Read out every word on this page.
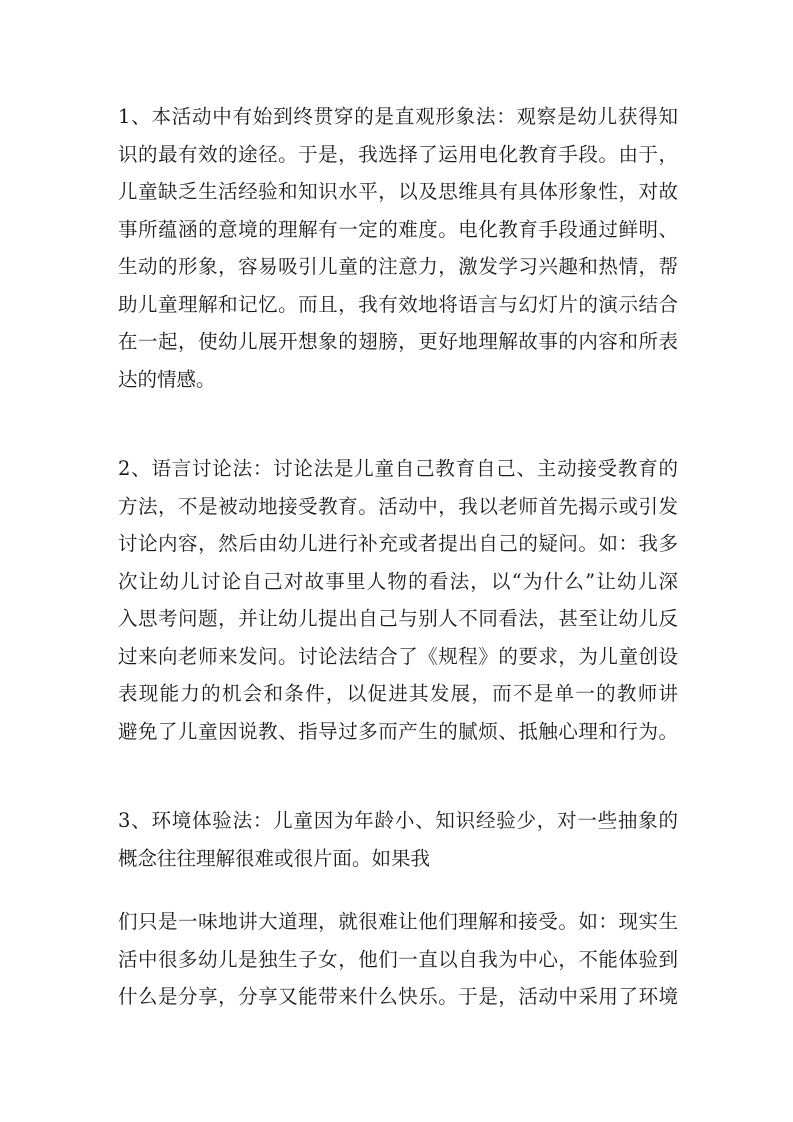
1、本活动中有始到终贯穿的是直观形象法：观察是幼儿获得知
识的最有效的途径。于是，我选择了运用电化教育手段。由于，
儿童缺乏生活经验和知识水平，以及思维具有具体形象性，对故
事所蕴涵的意境的理解有一定的难度。电化教育手段通过鲜明、
生动的形象，容易吸引儿童的注意力，激发学习兴趣和热情，帮
助儿童理解和记忆。而且，我有效地将语言与幻灯片的演示结合
在一起，使幼儿展开想象的翅膀，更好地理解故事的内容和所表
达的情感。
2、语言讨论法：讨论法是儿童自己教育自己、主动接受教育的
方法，不是被动地接受教育。活动中，我以老师首先揭示或引发
讨论内容，然后由幼儿进行补充或者提出自己的疑问。如：我多
次让幼儿讨论自己对故事里人物的看法，以“为什么”让幼儿深
入思考问题，并让幼儿提出自己与别人不同看法，甚至让幼儿反
过来向老师来发问。讨论法结合了《规程》的要求，为儿童创设
表现能力的机会和条件，以促进其发展，而不是单一的教师讲
避免了儿童因说教、指导过多而产生的腻烦、抵触心理和行为。
3、环境体验法：儿童因为年龄小、知识经验少，对一些抽象的
概念往往理解很难或很片面。如果我
们只是一味地讲大道理，就很难让他们理解和接受。如：现实生
活中很多幼儿是独生子女，他们一直以自我为中心，不能体验到
什么是分享，分享又能带来什么快乐。于是，活动中采用了环境
